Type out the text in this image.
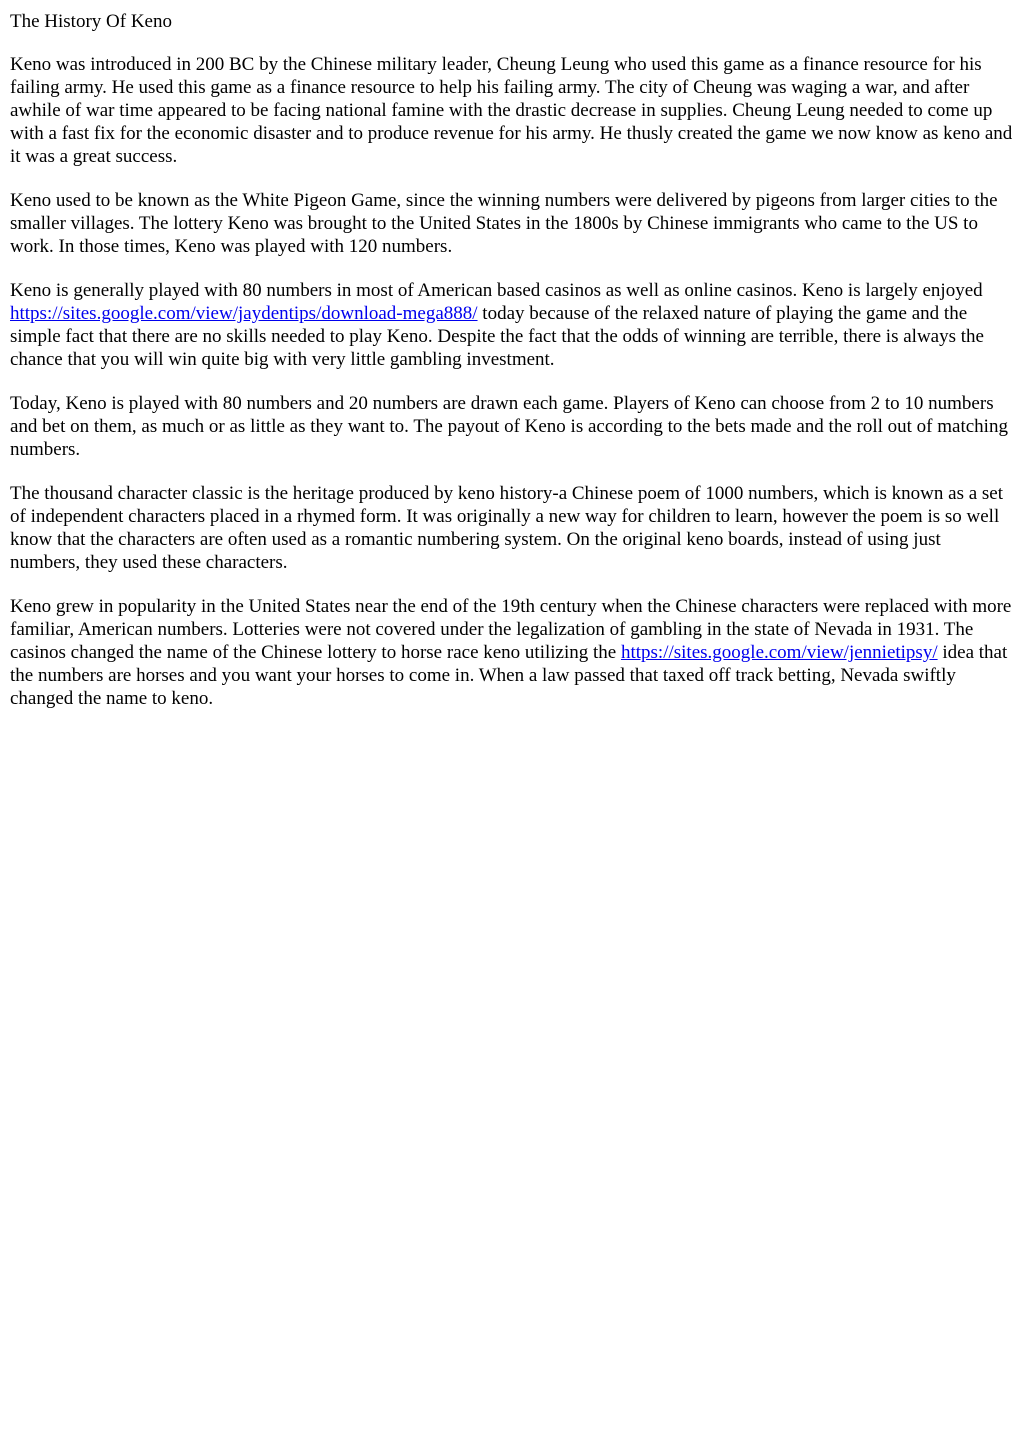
The History Of Keno

Keno was introduced in 200 BC by the Chinese military leader, Cheung Leung who used this game as a finance resource for his failing army. He used this game as a finance resource to help his failing army. The city of Cheung was waging a war, and after awhile of war time appeared to be facing national famine with the drastic decrease in supplies. Cheung Leung needed to come up with a fast fix for the economic disaster and to produce revenue for his army. He thusly created the game we now know as keno and it was a great success.

Keno used to be known as the White Pigeon Game, since the winning numbers were delivered by pigeons from larger cities to the smaller villages. The lottery Keno was brought to the United States in the 1800s by Chinese immigrants who came to the US to work. In those times, Keno was played with 120 numbers.

Keno is generally played with 80 numbers in most of American based casinos as well as online casinos. Keno is largely enjoyed https://sites.google.com/view/jaydentips/download-mega888/ today because of the relaxed nature of playing the game and the simple fact that there are no skills needed to play Keno. Despite the fact that the odds of winning are terrible, there is always the chance that you will win quite big with very little gambling investment.

Today, Keno is played with 80 numbers and 20 numbers are drawn each game. Players of Keno can choose from 2 to 10 numbers and bet on them, as much or as little as they want to. The payout of Keno is according to the bets made and the roll out of matching numbers.

The thousand character classic is the heritage produced by keno history-a Chinese poem of 1000 numbers, which is known as a set of independent characters placed in a rhymed form. It was originally a new way for children to learn, however the poem is so well know that the characters are often used as a romantic numbering system. On the original keno boards, instead of using just numbers, they used these characters.

Keno grew in popularity in the United States near the end of the 19th century when the Chinese characters were replaced with more familiar, American numbers. Lotteries were not covered under the legalization of gambling in the state of Nevada in 1931. The casinos changed the name of the Chinese lottery to horse race keno utilizing the https://sites.google.com/view/jennietipsy/ idea that the numbers are horses and you want your horses to come in. When a law passed that taxed off track betting, Nevada swiftly changed the name to keno.
